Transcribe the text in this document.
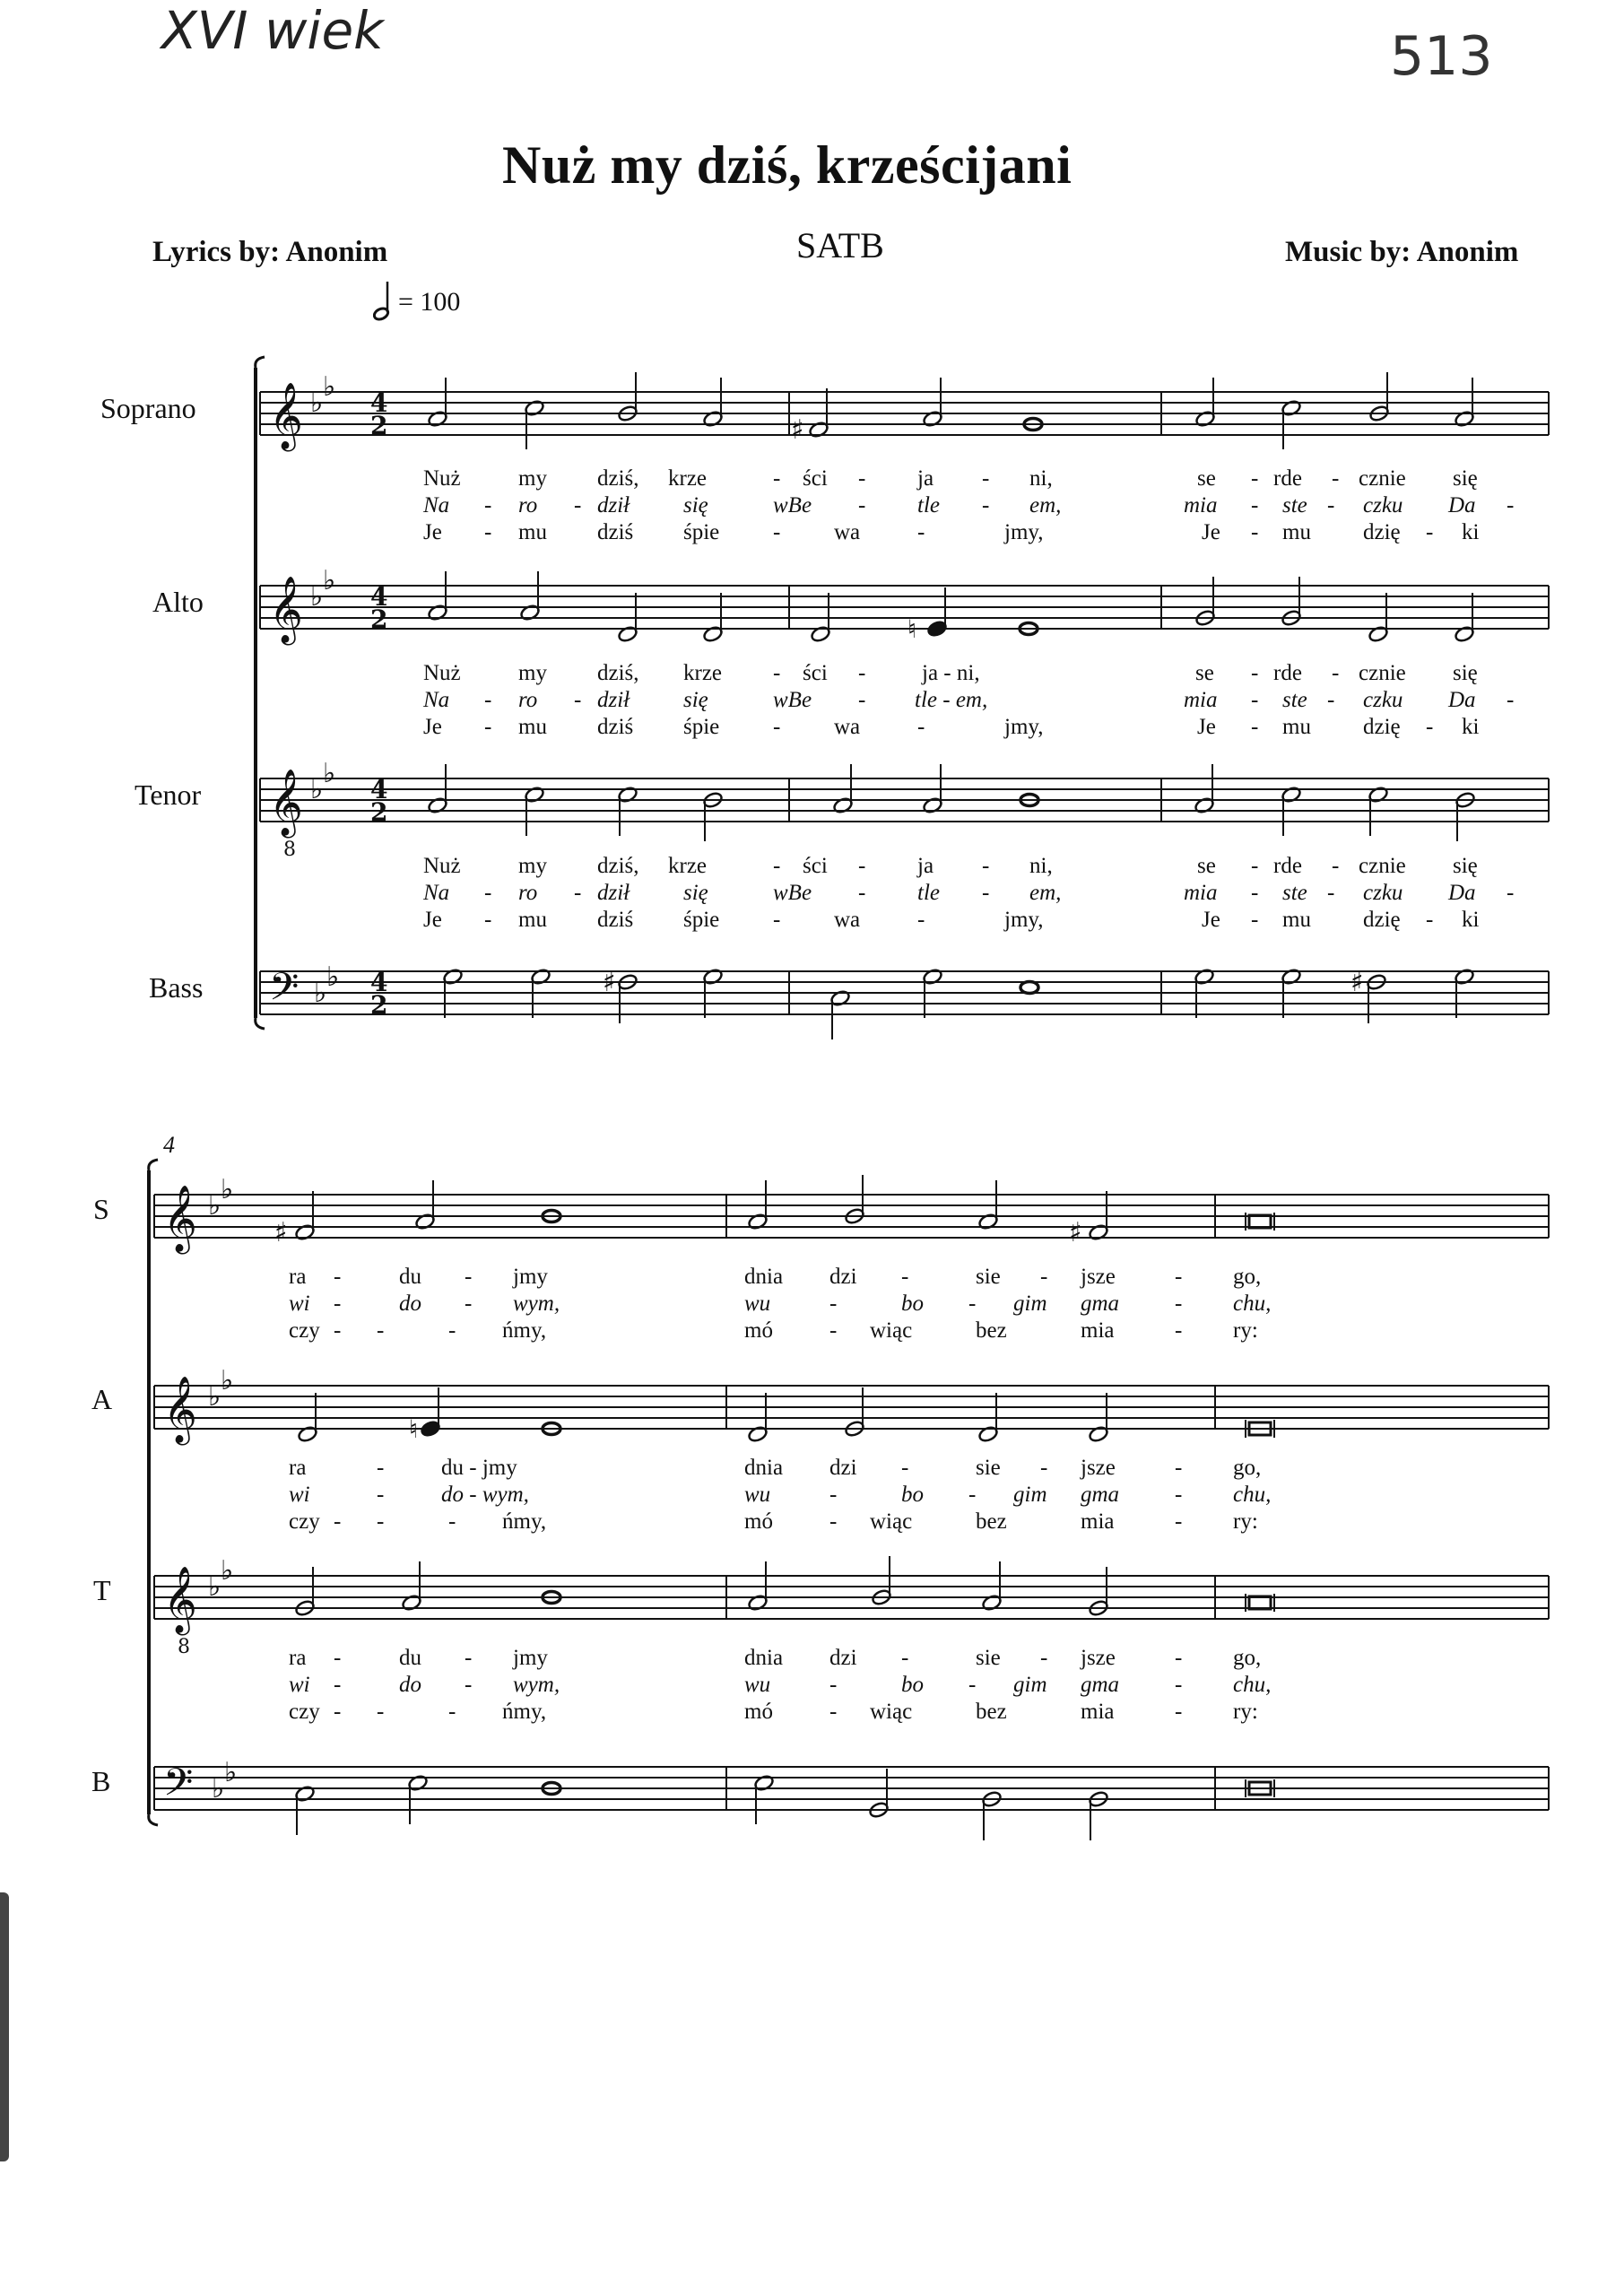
XVI wiek	513
Nuż my dziś, krześcijani
Lyrics by: Anonim	SATB	Music by: Anonim
= 100
Soprano
Alto
Tenor
Bass
S
A
T
B
4
𝄞 ♭
♭
4
2
𝄞 ♭
♭
4
2
𝄞
8
♭
♭
4
2
𝄢 ♭
♭ 4
2
♯
♮
♯	♯
𝄞 ♭
♭
𝄞 ♭
♭
𝄞
8
♭
♭
𝄢 ♭
♭
♯	♯
♮
Nuż	my dziś, krze	- ści - ja - ni,	se - rde - cznie się
Na - ro - dził się	wBe - tle - em,	mia - ste - czku Da -
Je - mu dziś śpie - wa	-	jmy,	Je - mu dzię - ki
Nuż	my dziś, krze - ści -	ja - ni,	se - rde - cznie się
Na - ro - dził się	wBe - tle - em,	mia - ste - czku Da -
Je - mu dziś śpie - wa	-	jmy,	Je - mu dzię - ki
Nuż	my dziś, krze	- ści - ja - ni,	se - rde - cznie się
Na - ro - dził się	wBe - tle - em,	mia - ste - czku Da -
Je - mu dziś śpie - wa	-	jmy,	Je - mu dzię - ki
ra -	du - jmy	dnia dzi -	sie - jsze	- go,
wi -	do - wym,	wu	-	bo - gim gma - chu,
czy - -	- ńmy,	mó	- wiąc	bez	mia	- ry:
ra	-	du - jmy	dnia dzi -	sie - jsze	- go,
wi	-	do - wym,	wu	-	bo - gim gma - chu,
czy - -	- ńmy,	mó	- wiąc	bez	mia	- ry:
ra -	du - jmy	dnia dzi -	sie - jsze	- go,
wi -	do - wym,	wu	-	bo - gim gma - chu,
czy - -	- ńmy,	mó	- wiąc	bez	mia	- ry:
